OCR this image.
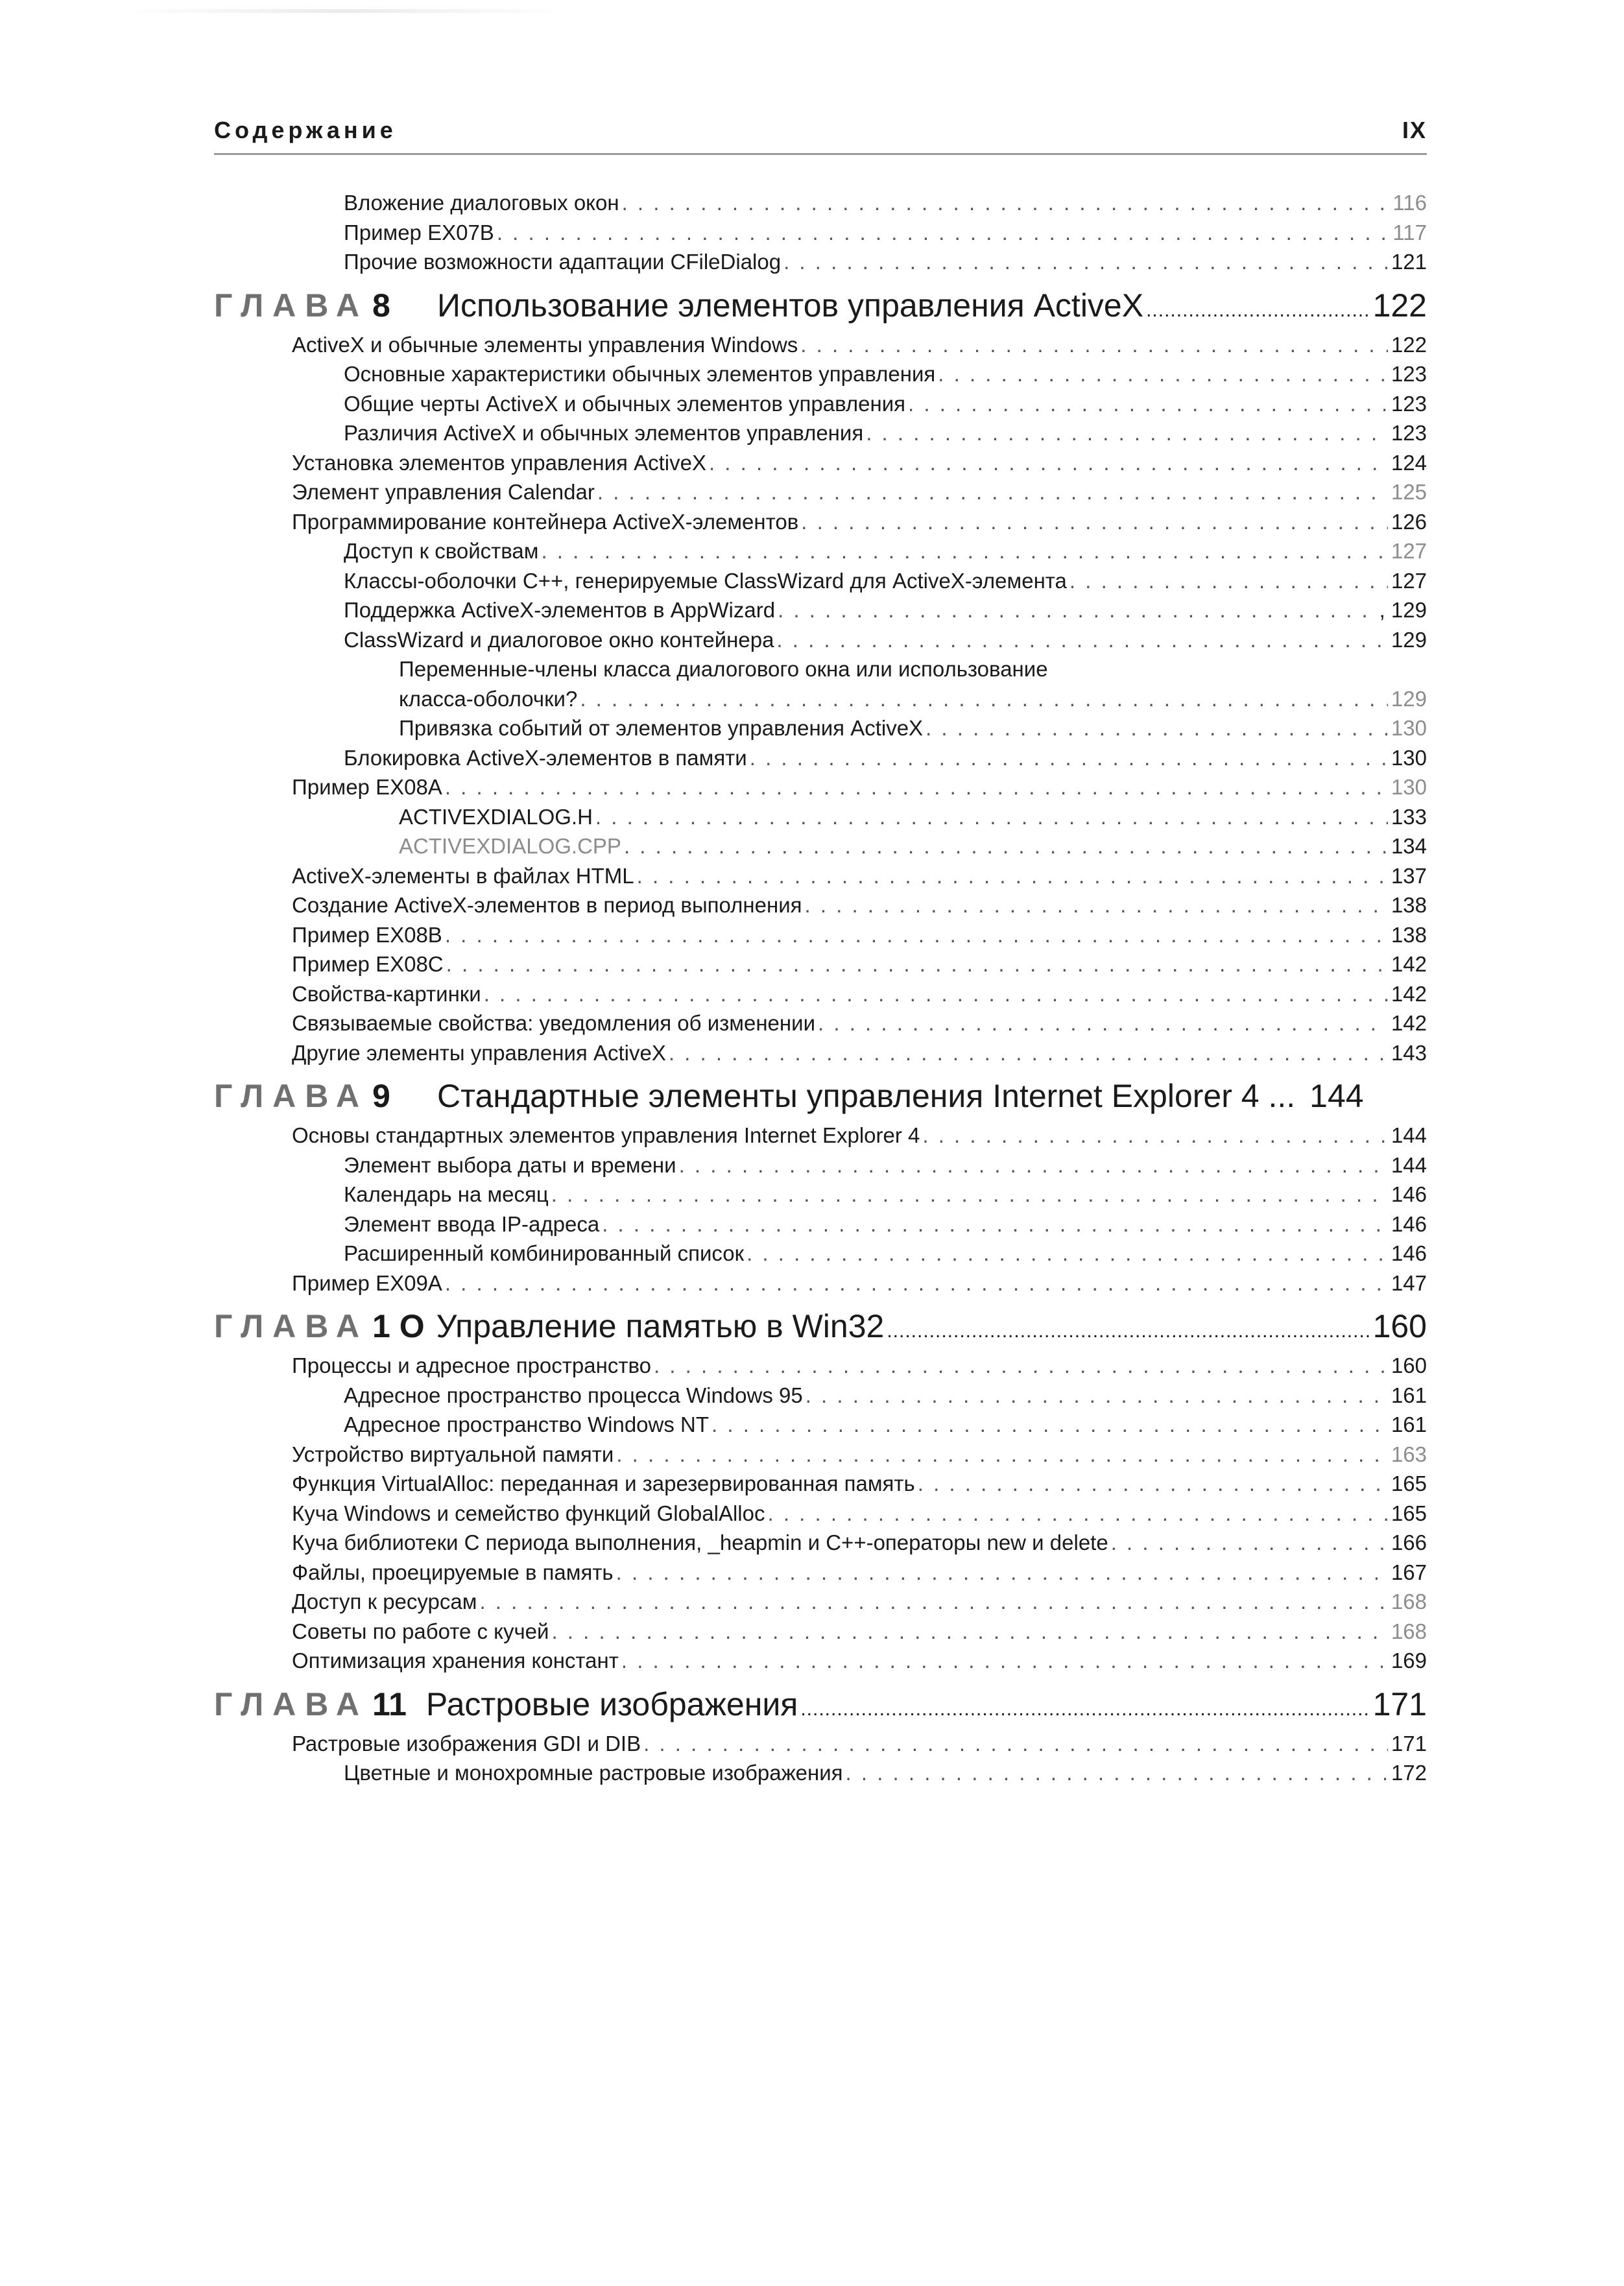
Содержание	IX
Вложение диалоговых окон . . .	116
Пример EX07B . . .	117
Прочие возможности адаптации CFileDialog . . .	121
ГЛАВА 8 Использование элементов управления ActiveX .....	122
ActiveX и обычные элементы управления Windows . . .	122
Основные характеристики обычных элементов управления . . .	123
Общие черты ActiveX и обычных элементов управления . . .	123
Различия ActiveX и обычных элементов управления . . .	123
Установка элементов управления ActiveX . . .	124
Элемент управления Calendar . . .	125
Программирование контейнера ActiveX-элементов . . .	126
Доступ к свойствам . . .	127
Классы-оболочки C++, генерируемые ClassWizard для ActiveX-элемента . . .	127
Поддержка ActiveX-элементов в AppWizard . . .	, 129
ClassWizard и диалоговое окно контейнера . . .	129
Переменные-члены класса диалогового окна или использование
класса-оболочки? . . .	129
Привязка событий от элементов управления ActiveX . . .	130
Блокировка ActiveX-элементов в памяти . . .	130
Пример EX08A . . .	130
ACTIVEXDIALOG.H . . .	133
ACTIVEXDIALOG.CPP . . .	134
ActiveX-элементы в файлах HTML . . .	137
Создание ActiveX-элементов в период выполнения . . .	138
Пример EX08B . . .	138
Пример EX08C . . .	142
Свойства-картинки . . .	142
Связываемые свойства: уведомления об изменении . . .	142
Другие элементы управления ActiveX . . .	143
ГЛАВА 9 Стандартные элементы управления Internet Explorer 4 ... 144
Основы стандартных элементов управления Internet Explorer 4 . . .	144
Элемент выбора даты и времени . . .	144
Календарь на месяц . . .	146
Элемент ввода IP-адреса . . .	146
Расширенный комбинированный список . . .	146
Пример EX09A . . .	147
ГЛАВА 1 O Управление памятью в Win32 .....	160
Процессы и адресное пространство . . .	160
Адресное пространство процесса Windows 95 . . .	161
Адресное пространство Windows NT . . .	161
Устройство виртуальной памяти . . .	163
Функция VirtualAlloc: переданная и зарезервированная память . . .	165
Куча Windows и семейство функций GlobalAlloc . . .	165
Куча библиотеки С периода выполнения, _heapmin и С++-операторы new и delete . . .	166
Файлы, проецируемые в память . . .	167
Доступ к ресурсам . . .	168
Советы по работе с кучей . . .	168
Оптимизация хранения констант . . .	169
ГЛАВА 11 Растровые изображения .....	171
Растровые изображения GDI и DIB . . .	171
Цветные и монохромные растровые изображения . . .	172
